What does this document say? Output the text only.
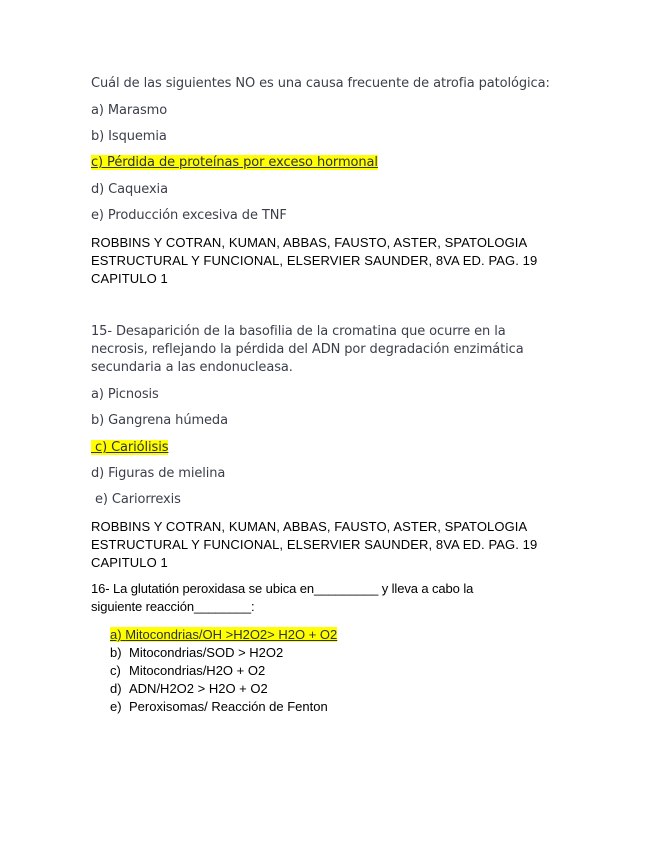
Cuál de las siguientes NO es una causa frecuente de atrofia patológica:
a) Marasmo
b) Isquemia
c) Pérdida de proteínas por exceso hormonal
d) Caquexia
e) Producción excesiva de TNF
ROBBINS Y COTRAN, KUMAN, ABBAS, FAUSTO, ASTER, SPATOLOGIA
ESTRUCTURAL Y FUNCIONAL, ELSERVIER SAUNDER, 8VA ED. PAG. 19
CAPITULO 1
15- Desaparición de la basofilia de la cromatina que ocurre en la
necrosis, reflejando la pérdida del ADN por degradación enzimática
secundaria a las endonucleasa.
a) Picnosis
b) Gangrena húmeda
c) Cariólisis
d) Figuras de mielina
e) Cariorrexis
ROBBINS Y COTRAN, KUMAN, ABBAS, FAUSTO, ASTER, SPATOLOGIA
ESTRUCTURAL Y FUNCIONAL, ELSERVIER SAUNDER, 8VA ED. PAG. 19
CAPITULO 1
16- La glutatión peroxidasa se ubica en_________ y lleva a cabo la
siguiente reacción________:
a) Mitocondrias/OH >H2O2> H2O + O2
b) Mitocondrias/SOD > H2O2
c) Mitocondrias/H2O + O2
d) ADN/H2O2 > H2O + O2
e) Peroxisomas/ Reacción de Fenton
